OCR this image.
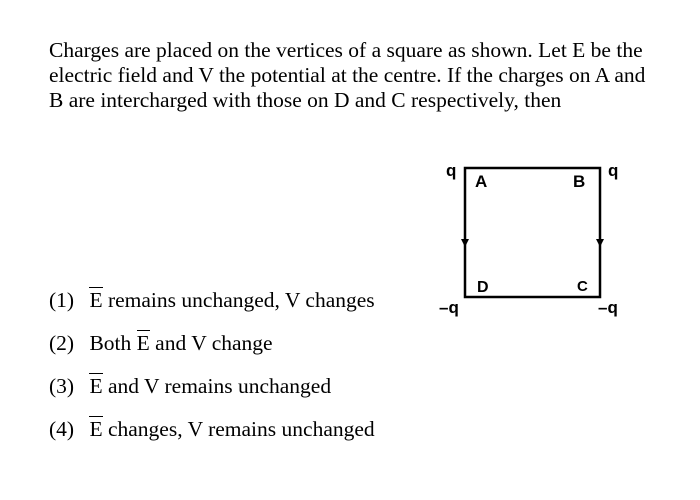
Charges are placed on the vertices of a square as shown. Let E be the electric field and V the potential at the centre. If the charges on A and B are intercharged with those on D and C respectively, then

A	B
C
D
q	q
–q
–q
(1) E remains unchanged, V changes
(2) Both E and V change
(3) E and V remains unchanged
(4) E changes, V remains unchanged
